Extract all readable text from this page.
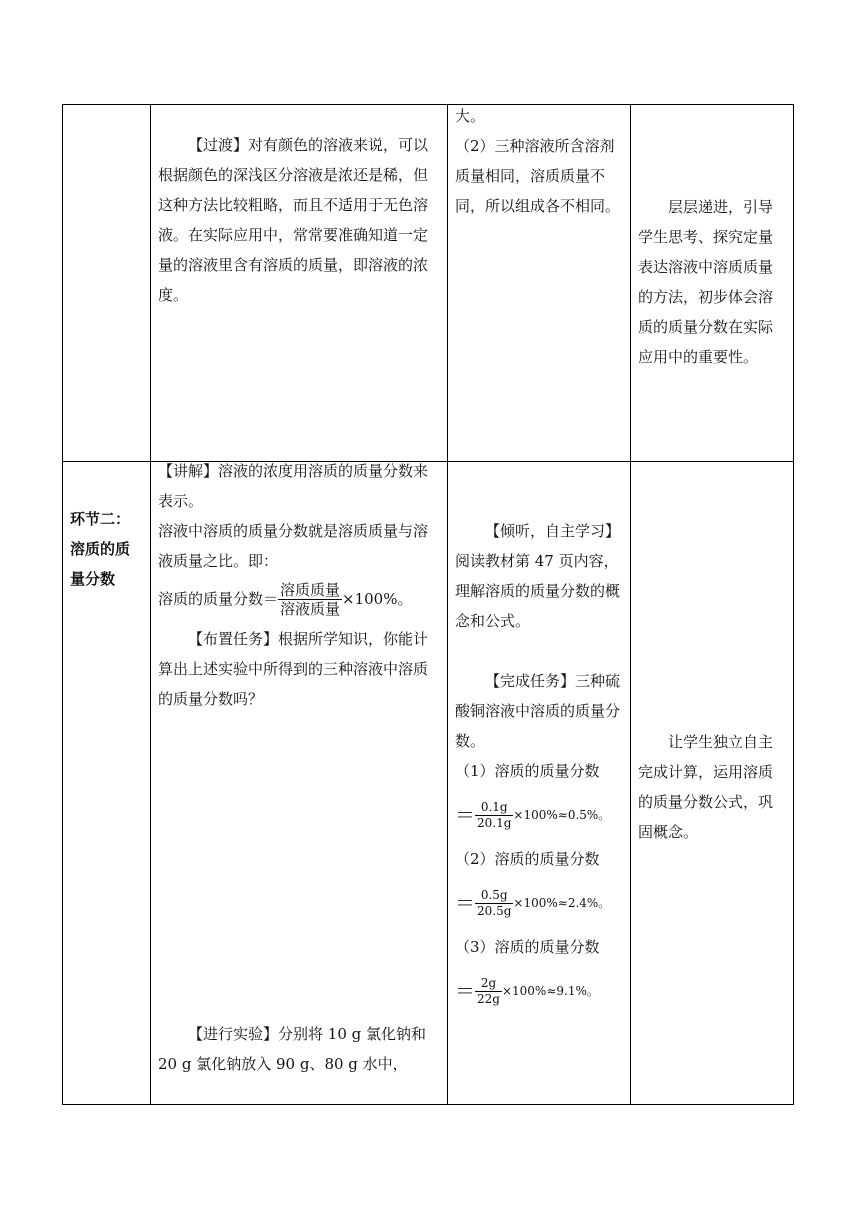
【过渡】对有颜色的溶液来说，可以根据颜色的深浅区分溶液是浓还是稀，但这种方法比较粗略，而且不适用于无色溶液。在实际应用中，常常要准确知道一定量的溶液里含有溶质的质量，即溶液的浓度。

大。

（2）三种溶液所含溶剂质量相同，溶质质量不同，所以组成各不相同。	层层递进，引导学生思考、探究定量表达溶液中溶质质量的方法，初步体会溶质的质量分数在实际应用中的重要性。

环节二：

溶质的质

量分数

【讲解】溶液的浓度用溶质的质量分数来表示。

溶液中溶质的质量分数就是溶质质量与溶液质量之比。即：

溶质的质量分数＝ $\frac{\text{溶质质量}}{\text{溶液质量}} \times 100\%$。

【布置任务】根据所学知识，你能计算出上述实验中所得到的三种溶液中溶质的质量分数吗？

【进行实验】分别将 10 g 氯化钠和 20 g 氯化钠放入 90 g、80 g 水中，

【倾听，自主学习】阅读教材第 47 页内容，理解溶质的质量分数的概念和公式。

【完成任务】三种硫酸铜溶液中溶质的质量分数。

（1）溶质的质量分数

＝ $\frac{0.1g}{20.1g} \times 100\%\approx 0.5\%$。

（2）溶质的质量分数

＝ $\frac{0.5g}{20.5g} \times 100\%\approx 2.4\%$。

（3）溶质的质量分数

＝ $\frac{2g}{22g} \times 100\%\approx 9.1\%$。

让学生独立自主完成计算，运用溶质的质量分数公式，巩固概念。
